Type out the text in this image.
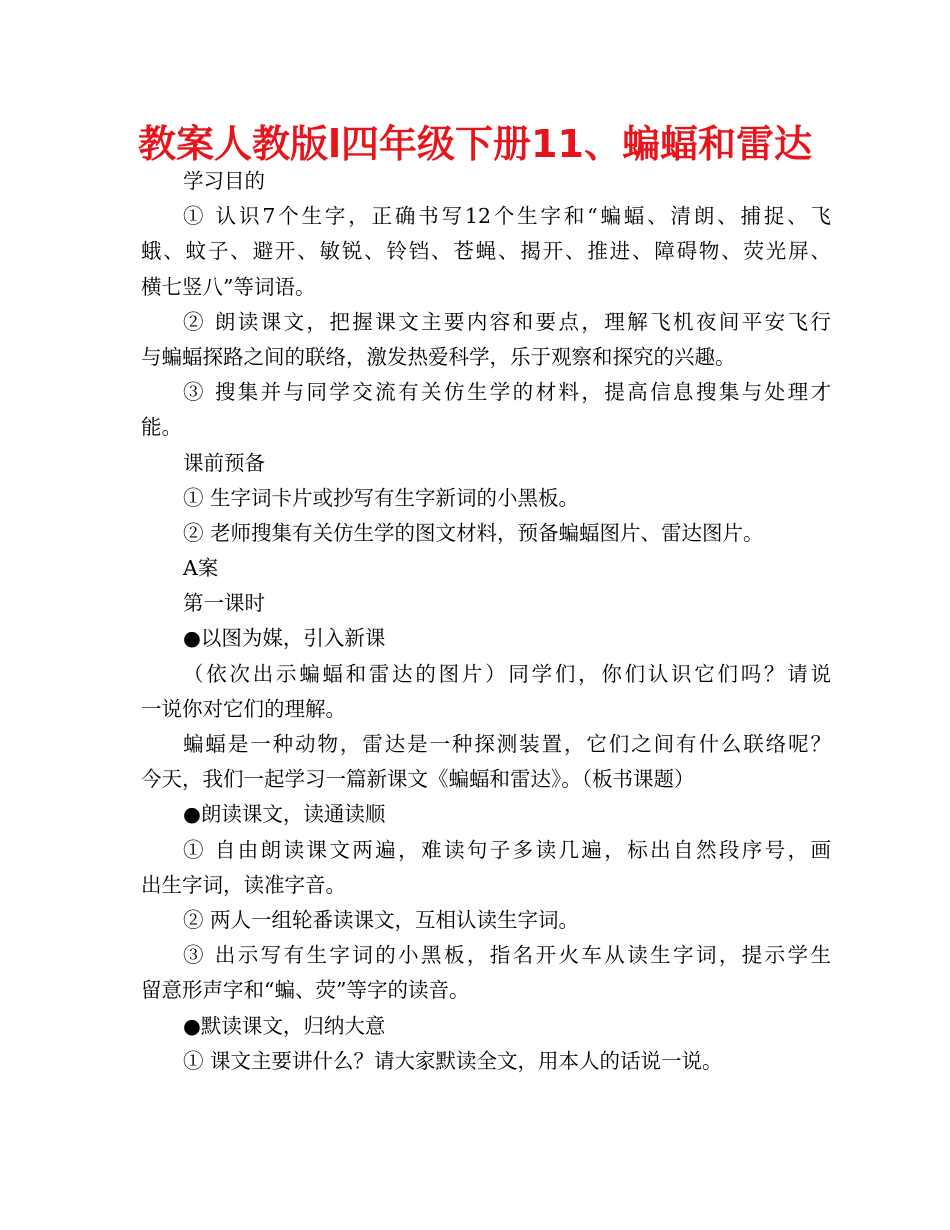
教案人教版l四年级下册11、蝙蝠和雷达
学习目的
① 认识7个生字，正确书写12个生字和“蝙蝠、清朗、捕捉、飞
蛾、蚊子、避开、敏锐、铃铛、苍蝇、揭开、推进、障碍物、荧光屏、
横七竖八”等词语。
② 朗读课文，把握课文主要内容和要点，理解飞机夜间平安飞行
与蝙蝠探路之间的联络，激发热爱科学，乐于观察和探究的兴趣。
③ 搜集并与同学交流有关仿生学的材料，提高信息搜集与处理才
能。
课前预备
① 生字词卡片或抄写有生字新词的小黑板。
② 老师搜集有关仿生学的图文材料，预备蝙蝠图片、雷达图片。
A案
第一课时
●以图为媒，引入新课
（依次出示蝙蝠和雷达的图片）同学们，你们认识它们吗？请说
一说你对它们的理解。
蝙蝠是一种动物，雷达是一种探测装置，它们之间有什么联络呢？
今天，我们一起学习一篇新课文《蝙蝠和雷达》。（板书课题）
●朗读课文，读通读顺
① 自由朗读课文两遍，难读句子多读几遍，标出自然段序号，画
出生字词，读准字音。
② 两人一组轮番读课文，互相认读生字词。
③ 出示写有生字词的小黑板，指名开火车从读生字词，提示学生
留意形声字和“蝙、荧”等字的读音。
●默读课文，归纳大意
① 课文主要讲什么？请大家默读全文，用本人的话说一说。
